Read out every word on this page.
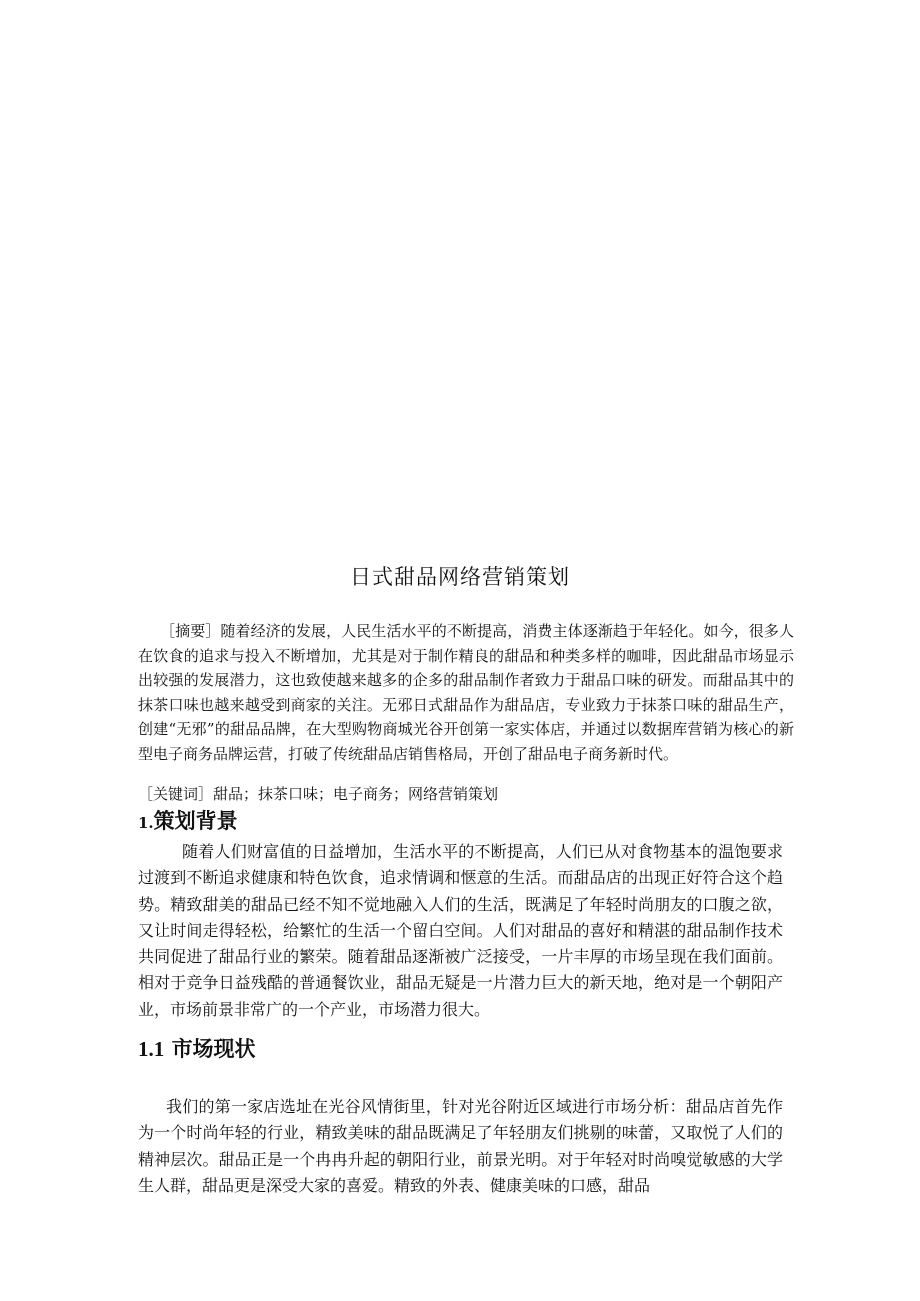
日式甜品网络营销策划

［摘要］随着经济的发展，人民生活水平的不断提高，消费主体逐渐趋于年轻化。如今，很多人在饮食的追求与投入不断增加，尤其是对于制作精良的甜品和种类多样的咖啡，因此甜品市场显示出较强的发展潜力，这也致使越来越多的企多的甜品制作者致力于甜品口味的研发。而甜品其中的抹茶口味也越来越受到商家的关注。无邪日式甜品作为甜品店，专业致力于抹茶口味的甜品生产，创建“无邪”的甜品品牌，在大型购物商城光谷开创第一家实体店，并通过以数据库营销为核心的新型电子商务品牌运营，打破了传统甜品店销售格局，开创了甜品电子商务新时代。

［关键词］甜品；抹茶口味；电子商务；网络营销策划

1.策划背景

随着人们财富值的日益增加，生活水平的不断提高，人们已从对食物基本的温饱要求过渡到不断追求健康和特色饮食，追求情调和惬意的生活。而甜品店的出现正好符合这个趋势。精致甜美的甜品已经不知不觉地融入人们的生活，既满足了年轻时尚朋友的口腹之欲，又让时间走得轻松，给繁忙的生活一个留白空间。人们对甜品的喜好和精湛的甜品制作技术共同促进了甜品行业的繁荣。随着甜品逐渐被广泛接受，一片丰厚的市场呈现在我们面前。相对于竞争日益残酷的普通餐饮业，甜品无疑是一片潜力巨大的新天地，绝对是一个朝阳产业，市场前景非常广的一个产业，市场潜力很大。

1.1 市场现状

我们的第一家店选址在光谷风情街里，针对光谷附近区域进行市场分析：甜品店首先作为一个时尚年轻的行业，精致美味的甜品既满足了年轻朋友们挑剔的味蕾，又取悦了人们的精神层次。甜品正是一个冉冉升起的朝阳行业，前景光明。对于年轻对时尚嗅觉敏感的大学生人群，甜品更是深受大家的喜爱。精致的外表、健康美味的口感，甜品
